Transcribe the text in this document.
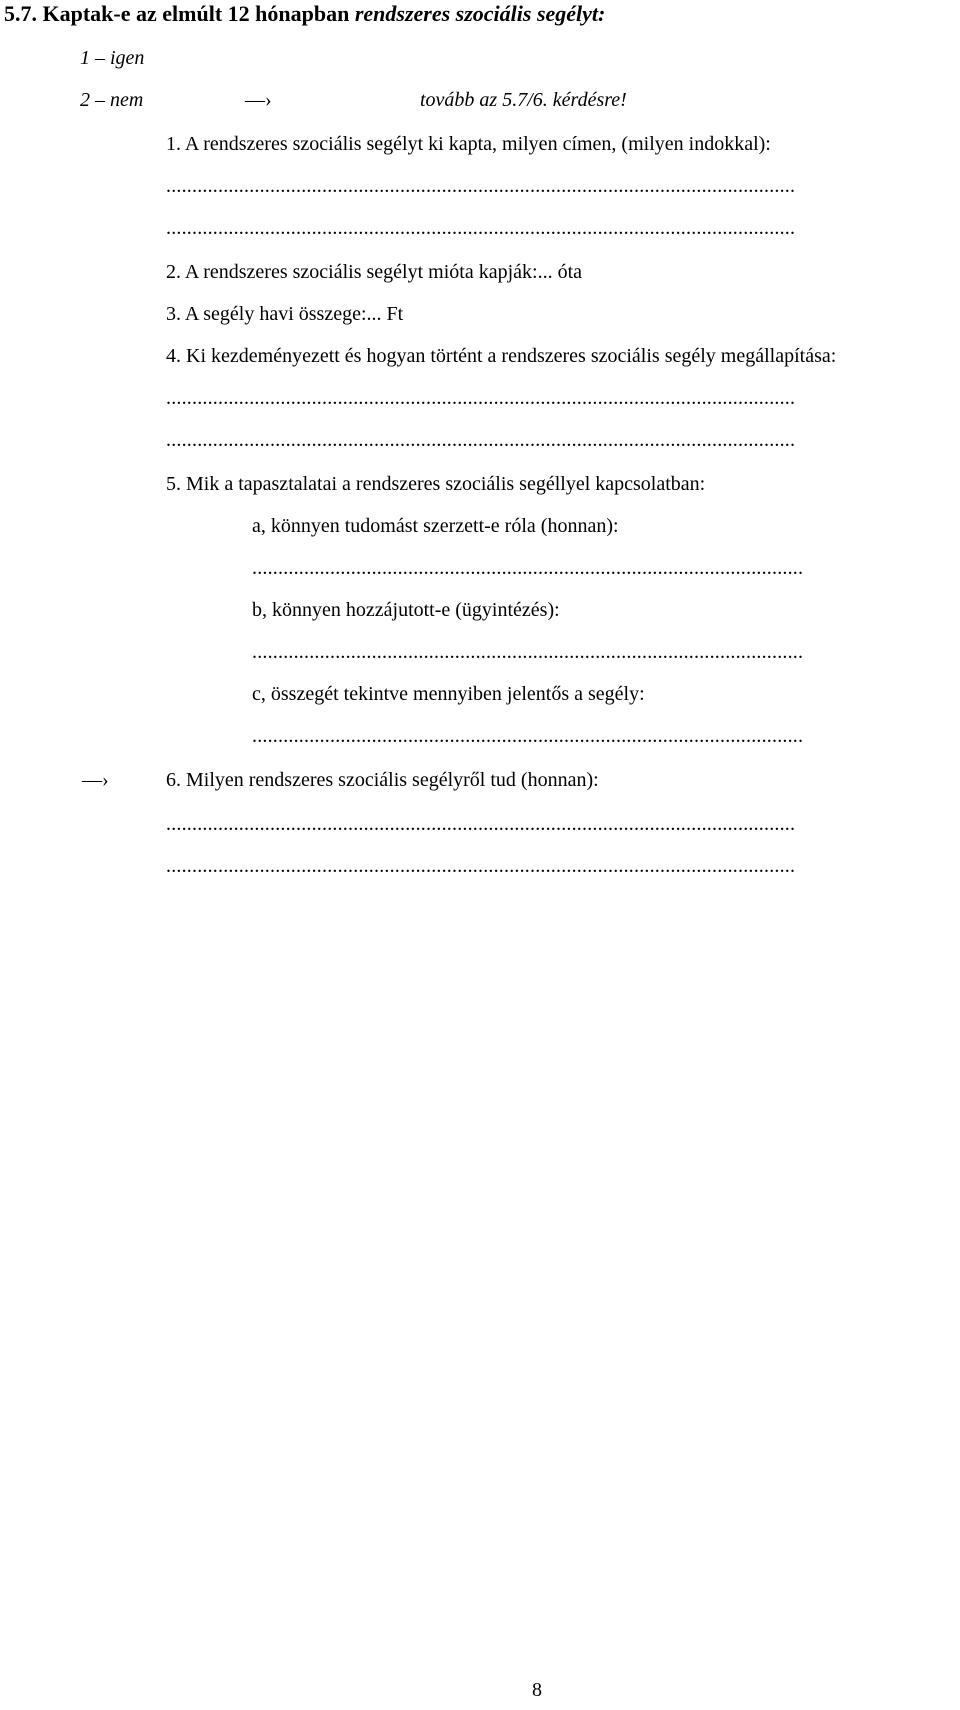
5.7. Kaptak-e az elmúlt 12 hónapban rendszeres szociális segélyt:
1 – igen
2 – nem	—›	tovább az 5.7/6. kérdésre!
1. A rendszeres szociális segélyt ki kapta, milyen címen, (milyen indokkal):
.........................................................................................................................
.........................................................................................................................
2. A rendszeres szociális segélyt mióta kapják:... óta
3. A segély havi összege:... Ft
4. Ki kezdeményezett és hogyan történt a rendszeres szociális segély megállapítása:
.........................................................................................................................
.........................................................................................................................
5. Mik a tapasztalatai a rendszeres szociális segéllyel kapcsolatban:
a, könnyen tudomást szerzett-e róla (honnan):
..........................................................................................................
b, könnyen hozzájutott-e (ügyintézés):
..........................................................................................................
c, összegét tekintve mennyiben jelentős a segély:
..........................................................................................................
—›	6. Milyen rendszeres szociális segélyről tud (honnan):
.........................................................................................................................
.........................................................................................................................
8
